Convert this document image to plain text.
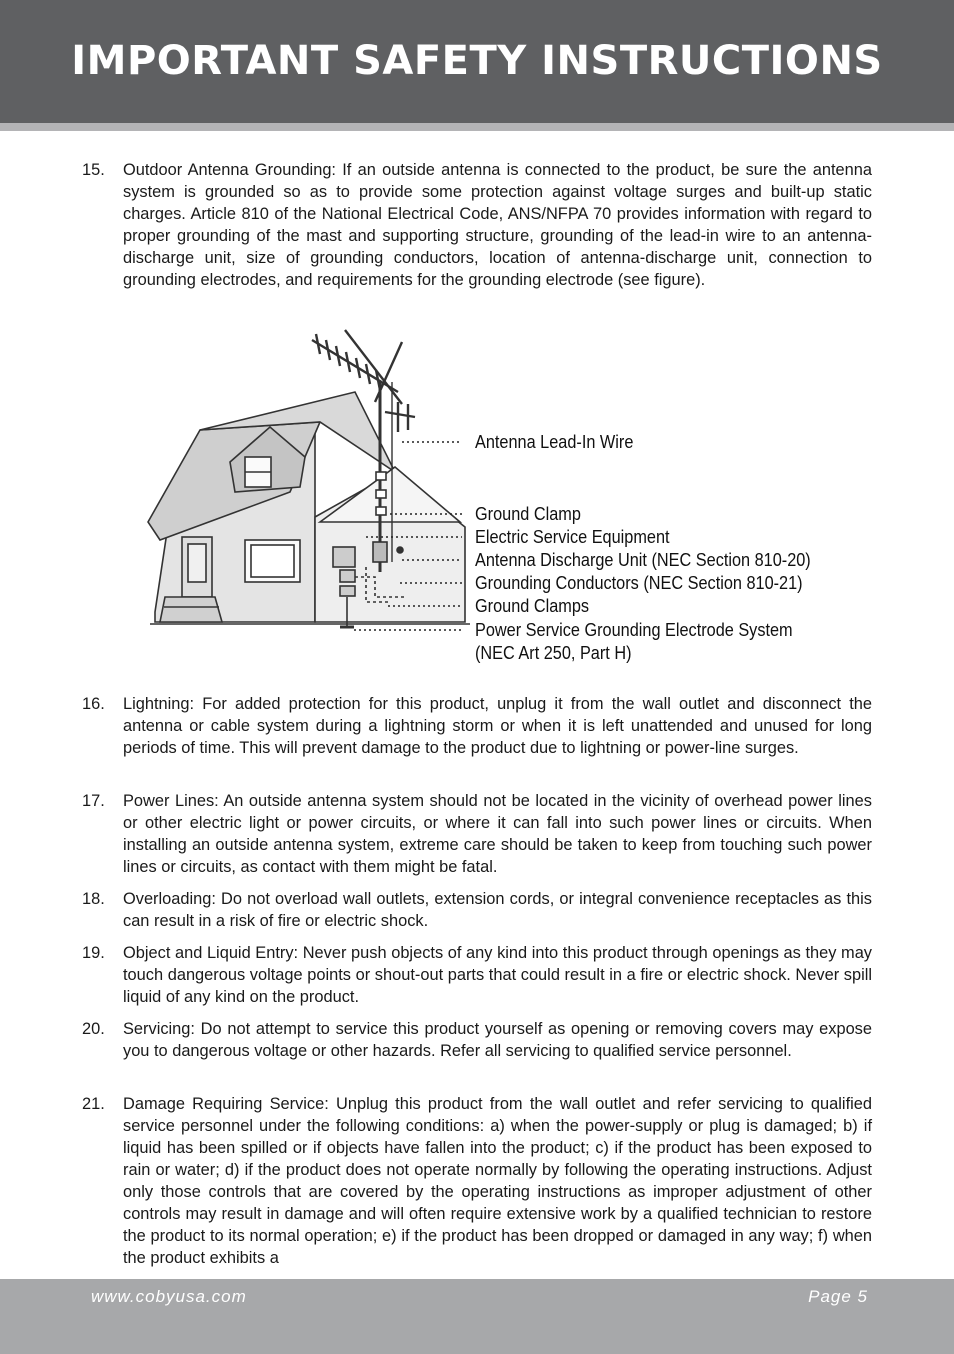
IMPORTANT SAFETY INSTRUCTIONS
15.	Outdoor Antenna Grounding: If an outside antenna is connected to the product, be sure the antenna system is grounded so as to provide some protection against voltage surges and built-up static charges. Article 810 of the National Electrical Code, ANS/NFPA 70 provides information with regard to proper grounding of the mast and supporting structure, grounding of the lead-in wire to an antenna-discharge unit, size of grounding conductors, location of antenna-discharge unit, connection to grounding electrodes, and requirements for the grounding electrode (see figure).
Antenna Lead-In Wire
Ground Clamp
Electric Service Equipment
Antenna Discharge Unit (NEC Section 810-20)
Grounding Conductors (NEC Section 810-21)
Ground Clamps
Power Service Grounding Electrode System
(NEC Art 250, Part H)
16.	Lightning: For added protection for this product, unplug it from the wall outlet and disconnect the antenna or cable system during a lightning storm or when it is left unattended and unused for long periods of time. This will prevent damage to the product due to lightning or power-line surges.
17.	Power Lines: An outside antenna system should not be located in the vicinity of overhead power lines or other electric light or power circuits, or where it can fall into such power lines or circuits. When installing an outside antenna system, extreme care should be taken to keep from touching such power lines or circuits, as contact with them might be fatal.
18.	Overloading: Do not overload wall outlets, extension cords, or integral convenience receptacles as this can result in a risk of fire or electric shock.
19.	Object and Liquid Entry: Never push objects of any kind into this product through openings as they may touch dangerous voltage points or shout-out parts that could result in a fire or electric shock. Never spill liquid of any kind on the product.
20.	Servicing: Do not attempt to service this product yourself as opening or removing covers may expose you to dangerous voltage or other hazards. Refer all servicing to qualified service personnel.
21.	Damage Requiring Service: Unplug this product from the wall outlet and refer servicing to qualified service personnel under the following conditions: a) when the power-supply or plug is damaged; b) if liquid has been spilled or if objects have fallen into the product; c) if the product has been exposed to rain or water; d) if the product does not operate normally by following the operating instructions. Adjust only those controls that are covered by the operating instructions as improper adjustment of other controls may result in damage and will often require extensive work by a qualified technician to restore the product to its normal operation; e) if the product has been dropped or damaged in any way; f) when the product exhibits a
www.cobyusa.com	Page 5
